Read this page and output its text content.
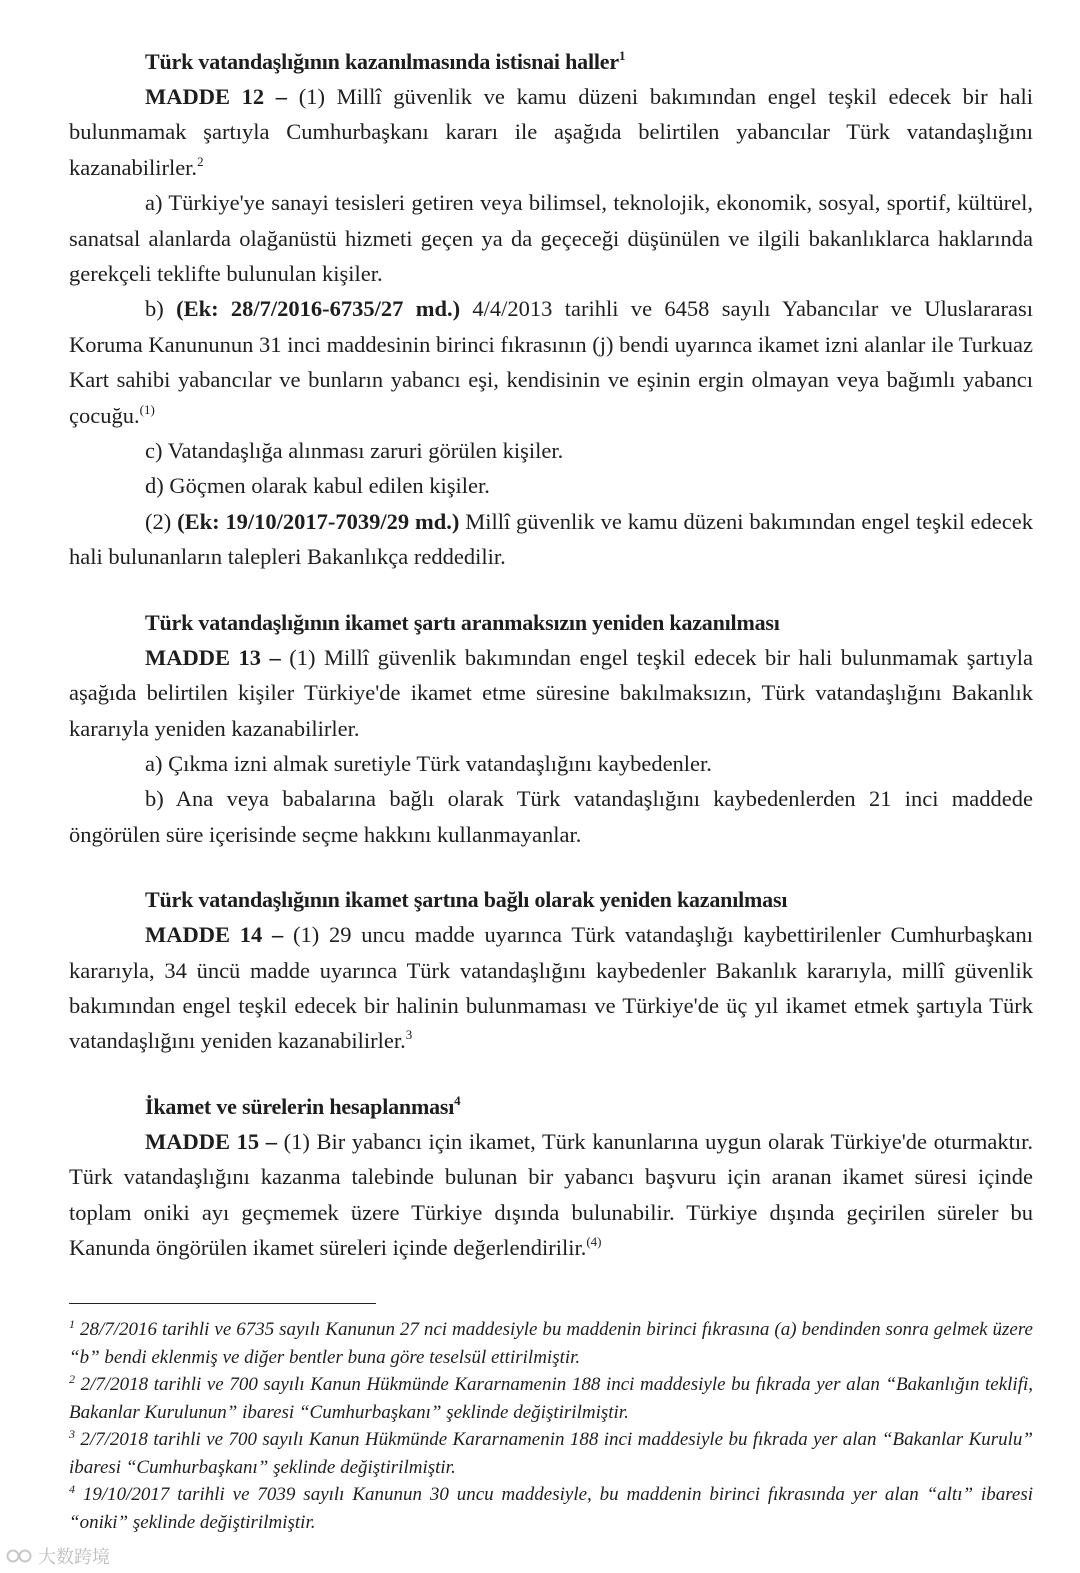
Türk vatandaşlığının kazanılmasında istisnai haller$^1$

MADDE 12 – (1) Millî güvenlik ve kamu düzeni bakımından engel teşkil edecek bir hali bulunmamak şartıyla Cumhurbaşkanı kararı ile aşağıda belirtilen yabancılar Türk vatandaşlığını kazanabilirler.$^2$

a) Türkiye'ye sanayi tesisleri getiren veya bilimsel, teknolojik, ekonomik, sosyal, sportif, kültürel, sanatsal alanlarda olağanüstü hizmeti geçen ya da geçeceği düşünülen ve ilgili bakanlıklarca haklarında gerekçeli teklifte bulunulan kişiler.

b) (Ek: 28/7/2016-6735/27 md.) 4/4/2013 tarihli ve 6458 sayılı Yabancılar ve Uluslararası Koruma Kanununun 31 inci maddesinin birinci fıkrasının (j) bendi uyarınca ikamet izni alanlar ile Turkuaz Kart sahibi yabancılar ve bunların yabancı eşi, kendisinin ve eşinin ergin olmayan veya bağımlı yabancı çocuğu.$^{(1)}$

c) Vatandaşlığa alınması zaruri görülen kişiler.

d) Göçmen olarak kabul edilen kişiler.

(2) (Ek: 19/10/2017-7039/29 md.) Millî güvenlik ve kamu düzeni bakımından engel teşkil edecek hali bulunanların talepleri Bakanlıkça reddedilir.

Türk vatandaşlığının ikamet şartı aranmaksızın yeniden kazanılması

MADDE 13 – (1) Millî güvenlik bakımından engel teşkil edecek bir hali bulunmamak şartıyla aşağıda belirtilen kişiler Türkiye'de ikamet etme süresine bakılmaksızın, Türk vatandaşlığını Bakanlık kararıyla yeniden kazanabilirler.

a) Çıkma izni almak suretiyle Türk vatandaşlığını kaybedenler.

b) Ana veya babalarına bağlı olarak Türk vatandaşlığını kaybedenlerden 21 inci maddede öngörülen süre içerisinde seçme hakkını kullanmayanlar.

Türk vatandaşlığının ikamet şartına bağlı olarak yeniden kazanılması

MADDE 14 – (1) 29 uncu madde uyarınca Türk vatandaşlığı kaybettirilenler Cumhurbaşkanı kararıyla, 34 üncü madde uyarınca Türk vatandaşlığını kaybedenler Bakanlık kararıyla, millî güvenlik bakımından engel teşkil edecek bir halinin bulunmaması ve Türkiye'de üç yıl ikamet etmek şartıyla Türk vatandaşlığını yeniden kazanabilirler.$^3$

İkamet ve sürelerin hesaplanması$^4$

MADDE 15 – (1) Bir yabancı için ikamet, Türk kanunlarına uygun olarak Türkiye'de oturmaktır. Türk vatandaşlığını kazanma talebinde bulunan bir yabancı başvuru için aranan ikamet süresi içinde toplam oniki ayı geçmemek üzere Türkiye dışında bulunabilir. Türkiye dışında geçirilen süreler bu Kanunda öngörülen ikamet süreleri içinde değerlendirilir.$^{(4)}$

$^1$ 28/7/2016 tarihli ve 6735 sayılı Kanunun 27 nci maddesiyle bu maddenin birinci fıkrasına (a) bendinden sonra gelmek üzere “b” bendi eklenmiş ve diğer bentler buna göre teselsül ettirilmiştir.

$^2$ 2/7/2018 tarihli ve 700 sayılı Kanun Hükmünde Kararnamenin 188 inci maddesiyle bu fıkrada yer alan “Bakanlığın teklifi, Bakanlar Kurulunun” ibaresi “Cumhurbaşkanı” şeklinde değiştirilmiştir.

$^3$ 2/7/2018 tarihli ve 700 sayılı Kanun Hükmünde Kararnamenin 188 inci maddesiyle bu fıkrada yer alan “Bakanlar Kurulu” ibaresi “Cumhurbaşkanı” şeklinde değiştirilmiştir.

$^4$ 19/10/2017 tarihli ve 7039 sayılı Kanunun 30 uncu maddesiyle, bu maddenin birinci fıkrasında yer alan “altı” ibaresi “oniki” şeklinde değiştirilmiştir.

大数跨境
